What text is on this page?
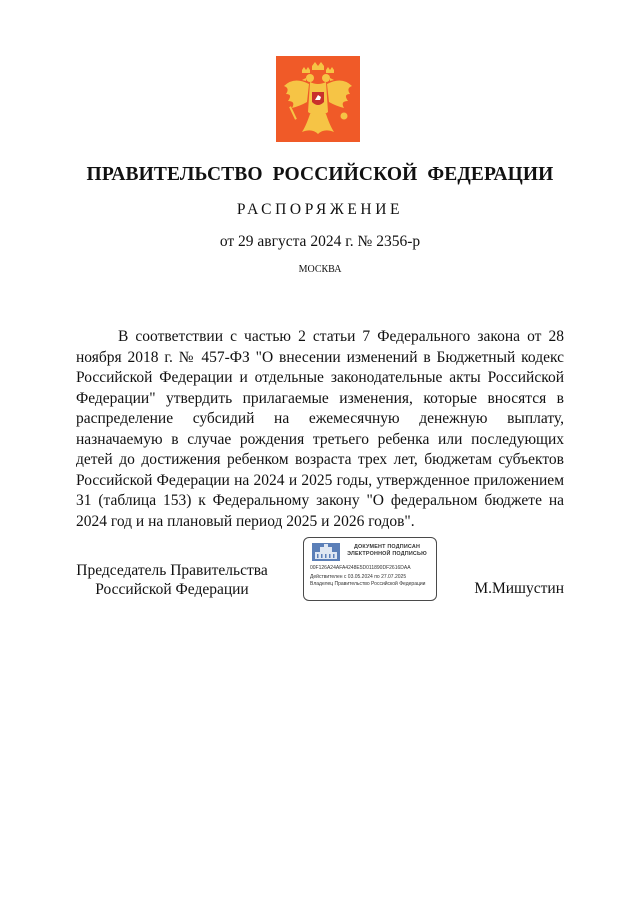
ПРАВИТЕЛЬСТВО РОССИЙСКОЙ ФЕДЕРАЦИИ
РАСПОРЯЖЕНИЕ
от 29 августа 2024 г. № 2356-р
МОСКВА

В соответствии с частью 2 статьи 7 Федерального закона от 28 ноября 2018 г. № 457-ФЗ "О внесении изменений в Бюджетный кодекс Российской Федерации и отдельные законодательные акты Российской Федерации" утвердить прилагаемые изменения, которые вносятся в распределение субсидий на ежемесячную денежную выплату, назначаемую в случае рождения третьего ребенка или последующих детей до достижения ребенком возраста трех лет, бюджетам субъектов Российской Федерации на 2024 и 2025 годы, утвержденное приложением 31 (таблица 153) к Федеральному закону "О федеральном бюджете на 2024 год и на плановый период 2025 и 2026 годов".

Председатель Правительства
Российской Федерации
ДОКУМЕНТ ПОДПИСАН
ЭЛЕКТРОННОЙ ПОДПИСЬЮ
00F126A24AFA4248E5D011890DF2616DAA
Действителен с 03.05.2024 по 27.07.2025
Владелец Правительство Российской Федерации	М.Мишустин
